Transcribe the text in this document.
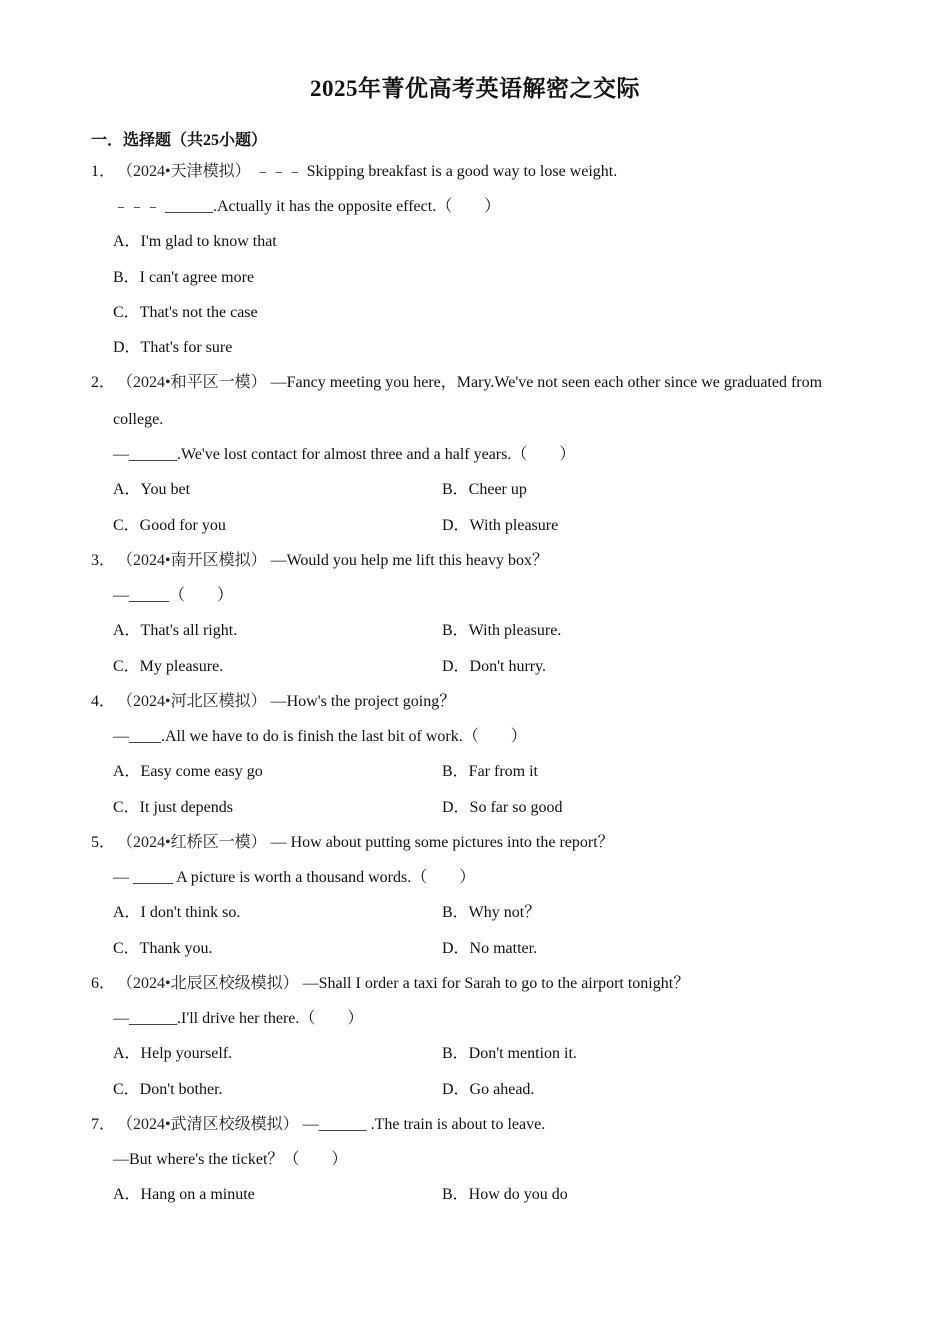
2025年菁优高考英语解密之交际
一．选择题（共25小题）
1． （2024•天津模拟） ﹣﹣﹣ Skipping breakfast is a good way to lose weight.
﹣﹣﹣ ______.Actually it has the opposite effect.（　　）
A．I'm glad to know that
B．I can't agree more
C．That's not the case
D．That's for sure
2． （2024•和平区一模） —Fancy meeting you here，Mary.We've not seen each other since we graduated from
college.
—______.We've lost contact for almost three and a half years.（　　）
A．You bet	B．Cheer up
C．Good for you	D．With pleasure
3． （2024•南开区模拟） —Would you help me lift this heavy box？
—_____（　　）
A．That's all right.	B．With pleasure.
C．My pleasure.	D．Don't hurry.
4． （2024•河北区模拟） —How's the project going？
—____.All we have to do is finish the last bit of work.（　　）
A．Easy come easy go	B．Far from it
C．It just depends	D．So far so good
5． （2024•红桥区一模） — How about putting some pictures into the report？
— _____ A picture is worth a thousand words.（　　）
A．I don't think so.	B．Why not？
C．Thank you.	D．No matter.
6． （2024•北辰区校级模拟） —Shall I order a taxi for Sarah to go to the airport tonight？
—______.I'll drive her there.（　　）
A．Help yourself.	B．Don't mention it.
C．Don't bother.	D．Go ahead.
7． （2024•武清区校级模拟） —______ .The train is about to leave.
—But where's the ticket？（　　）
A．Hang on a minute	B．How do you do
